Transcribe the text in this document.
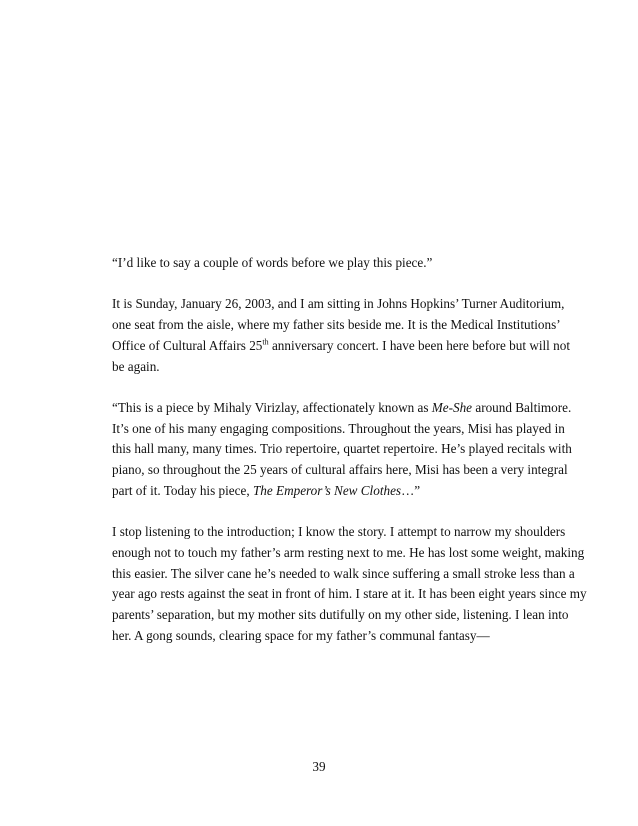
“I’d like to say a couple of words before we play this piece.”

It is Sunday, January 26, 2003, and I am sitting in Johns Hopkins’ Turner Auditorium,
one seat from the aisle, where my father sits beside me. It is the Medical Institutions’
Office of Cultural Affairs 25th anniversary concert. I have been here before but will not
be again.

“This is a piece by Mihaly Virizlay, affectionately known as Me-She around Baltimore.
It’s one of his many engaging compositions. Throughout the years, Misi has played in
this hall many, many times. Trio repertoire, quartet repertoire. He’s played recitals with
piano, so throughout the 25 years of cultural affairs here, Misi has been a very integral
part of it. Today his piece, The Emperor’s New Clothes…”

I stop listening to the introduction; I know the story. I attempt to narrow my shoulders
enough not to touch my father’s arm resting next to me. He has lost some weight, making
this easier. The silver cane he’s needed to walk since suffering a small stroke less than a
year ago rests against the seat in front of him. I stare at it. It has been eight years since my
parents’ separation, but my mother sits dutifully on my other side, listening. I lean into
her. A gong sounds, clearing space for my father’s communal fantasy—

39
